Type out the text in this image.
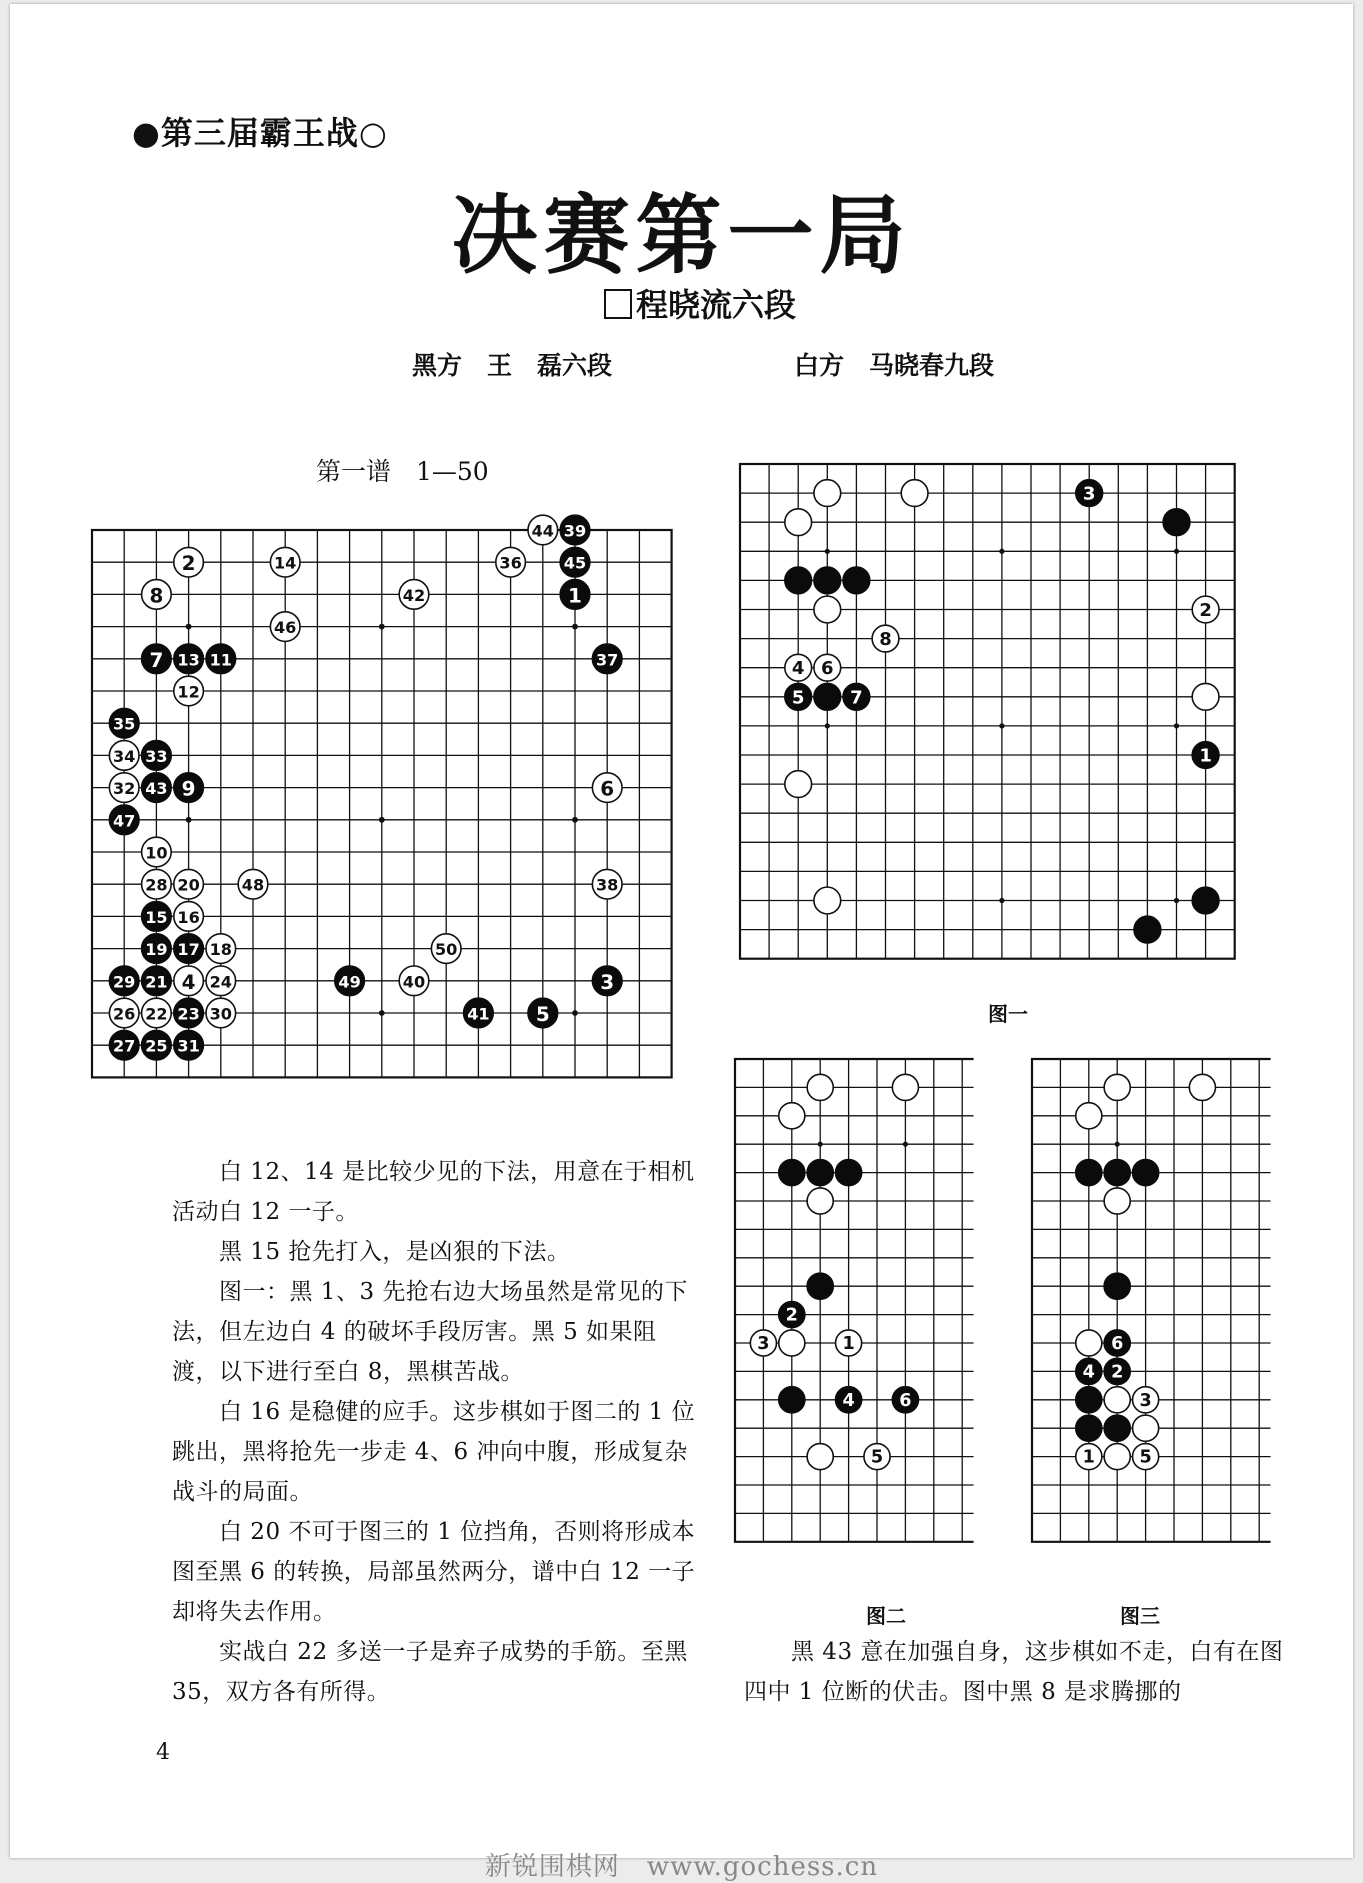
●第三届霸王战○
决赛第一局
程晓流六段
黑方　王　磊六段	白方　马晓春九段
第一谱　1—50
39
44
45
36
1
2	14
8	42
46
7 13 11	37
12
35
34 33
32 43 9	6
47
10
28 20	48	38
15 16
19 17 18	50
29 21 4 24	49	40	3
26 22 23 30	41 5
27 25 31
3
2
8
4 6
5	7
1
图一
2
3	1
4	6
5
图二
6
4 2
3
1	5
图三
　　白 12、14 是比较少见的下法，用意在于相机活动白 12 一子。
　　黑 15 抢先打入，是凶狠的下法。
　　图一：黑 1、3 先抢右边大场虽然是常见的下法，但左边白 4 的破坏手段厉害。黑 5 如果阻渡，以下进行至白 8，黑棋苦战。
　　白 16 是稳健的应手。这步棋如于图二的 1 位跳出，黑将抢先一步走 4、6 冲向中腹，形成复杂战斗的局面。
　　白 20 不可于图三的 1 位挡角，否则将形成本图至黑 6 的转换，局部虽然两分，谱中白 12 一子却将失去作用。
　　实战白 22 多送一子是弃子成势的手筋。至黑 35，双方各有所得。
　　黑 43 意在加强自身，这步棋如不走，白有在图四中 1 位断的伏击。图中黑 8 是求腾挪的
4
新锐围棋网　www.gochess.cn
